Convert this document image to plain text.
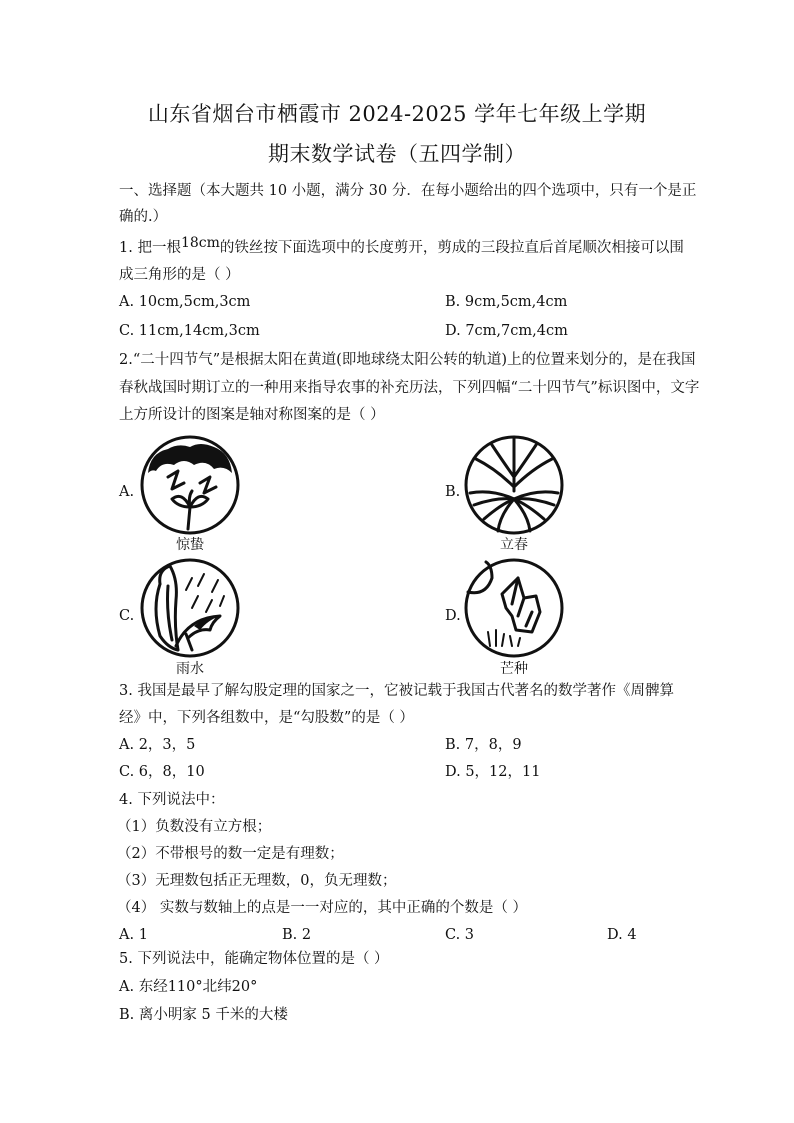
山东省烟台市栖霞市 2024-2025 学年七年级上学期
期末数学试卷（五四学制）
一、选择题（本大题共 10 小题，满分 30 分．在每小题给出的四个选项中，只有一个是正
确的.）
1. 把一根18cm的铁丝按下面选项中的长度剪开，剪成的三段拉直后首尾顺次相接可以围
成三角形的是（ ）
A. 10cm,5cm,3cm	B. 9cm,5cm,4cm
C. 11cm,14cm,3cm	D. 7cm,7cm,4cm
2.“二十四节气”是根据太阳在黄道(即地球绕太阳公转的轨道)上的位置来划分的，是在我国
春秋战国时期订立的一种用来指导农事的补充历法，下列四幅“二十四节气”标识图中，文字
上方所设计的图案是轴对称图案的是（ ）
A.
惊蛰
B.
立春
C.
雨水
D.
芒种
3. 我国是最早了解勾股定理的国家之一，它被记载于我国古代著名的数学著作《周髀算
经》中，下列各组数中，是“勾股数”的是（ ）
A. 2，3，5	B. 7，8，9
C. 6，8，10	D. 5，12，11
4. 下列说法中：
（1）负数没有立方根；
（2）不带根号的数一定是有理数；
（3）无理数包括正无理数，0，负无理数；
（4） 实数与数轴上的点是一一对应的，其中正确的个数是（ ）
A. 1	B. 2	C. 3	D. 4
5. 下列说法中，能确定物体位置的是（ ）
A. 东经110°北纬20°
B. 离小明家 5 千米的大楼
